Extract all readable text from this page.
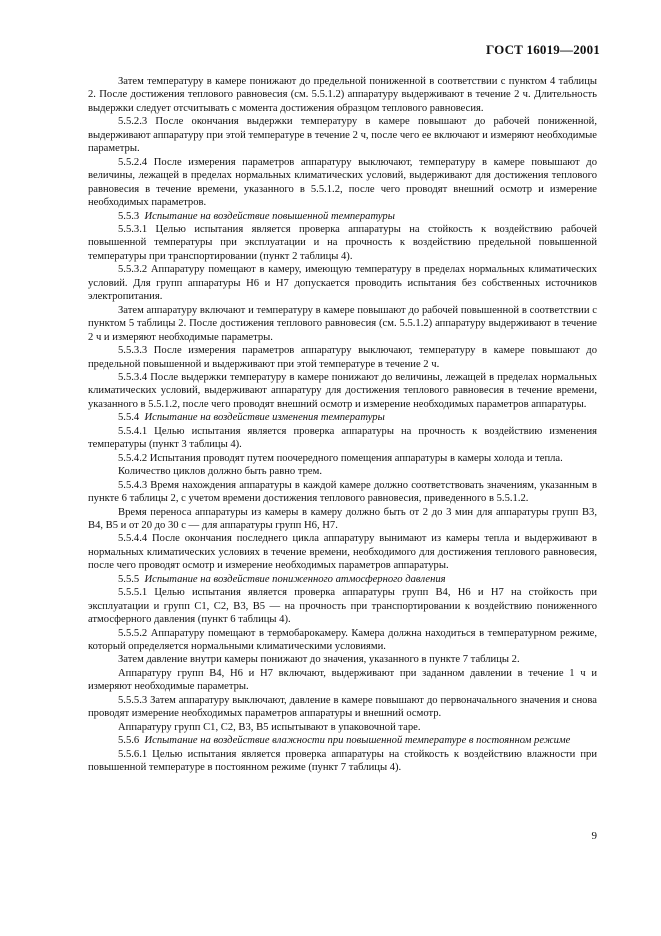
ГОСТ 16019—2001

Затем температуру в камере понижают до предельной пониженной в соответствии с пунктом 4 таблицы 2. После достижения теплового равновесия (см. 5.5.1.2) аппаратуру выдерживают в течение 2 ч. Длительность выдержки следует отсчитывать с момента достижения образцом теплового равновесия.

5.5.2.3 После окончания выдержки температуру в камере повышают до рабочей пониженной, выдерживают аппаратуру при этой температуре в течение 2 ч, после чего ее включают и измеряют необходимые параметры.

5.5.2.4 После измерения параметров аппаратуру выключают, температуру в камере повышают до величины, лежащей в пределах нормальных климатических условий, выдерживают для достижения теплового равновесия в течение времени, указанного в 5.5.1.2, после чего проводят внешний осмотр и измерение необходимых параметров.

5.5.3  Испытание на воздействие повышенной температуры

5.5.3.1 Целью испытания является проверка аппаратуры на стойкость к воздействию рабочей повышенной температуры при эксплуатации и на прочность к воздействию предельной повышенной температуры при транспортировании (пункт 2 таблицы 4).

5.5.3.2 Аппаратуру помещают в камеру, имеющую температуру в пределах нормальных климатических условий. Для групп аппаратуры Н6 и Н7 допускается проводить испытания без собственных источников электропитания.

Затем аппаратуру включают и температуру в камере повышают до рабочей повышенной в соответствии с пунктом 5 таблицы 2. После достижения теплового равновесия (см. 5.5.1.2) аппаратуру выдерживают в течение 2 ч и измеряют необходимые параметры.

5.5.3.3 После измерения параметров аппаратуру выключают, температуру в камере повышают до предельной повышенной и выдерживают при этой температуре в течение 2 ч.

5.5.3.4 После выдержки температуру в камере понижают до величины, лежащей в пределах нормальных климатических условий, выдерживают аппаратуру для достижения теплового равновесия в течение времени, указанного в 5.5.1.2, после чего проводят внешний осмотр и измерение необходимых параметров аппаратуры.

5.5.4  Испытание на воздействие изменения температуры

5.5.4.1 Целью испытания является проверка аппаратуры на прочность к воздействию изменения температуры (пункт 3 таблицы 4).

5.5.4.2 Испытания проводят путем поочередного помещения аппаратуры в камеры холода и тепла.

Количество циклов должно быть равно трем.

5.5.4.3 Время нахождения аппаратуры в каждой камере должно соответствовать значениям, указанным в пункте 6 таблицы 2, с учетом времени достижения теплового равновесия, приведенного в 5.5.1.2.

Время переноса аппаратуры из камеры в камеру должно быть от 2 до 3 мин для аппаратуры групп В3, В4, В5 и от 20 до 30 с — для аппаратуры групп Н6, Н7.

5.5.4.4 После окончания последнего цикла аппаратуру вынимают из камеры тепла и выдерживают в нормальных климатических условиях в течение времени, необходимого для достижения теплового равновесия, после чего проводят осмотр и измерение необходимых параметров аппаратуры.

5.5.5  Испытание на воздействие пониженного атмосферного давления

5.5.5.1 Целью испытания является проверка аппаратуры групп В4, Н6 и Н7 на стойкость при эксплуатации и групп С1, С2, В3, В5 — на прочность при транспортировании к воздействию пониженного атмосферного давления (пункт 6 таблицы 4).

5.5.5.2 Аппаратуру помещают в термобарокамеру. Камера должна находиться в температурном режиме, который определяется нормальными климатическими условиями.

Затем давление внутри камеры понижают до значения, указанного в пункте 7 таблицы 2.

Аппаратуру групп В4, Н6 и Н7 включают, выдерживают при заданном давлении в течение 1 ч и измеряют необходимые параметры.

5.5.5.3 Затем аппаратуру выключают, давление в камере повышают до первоначального значения и снова проводят измерение необходимых параметров аппаратуры и внешний осмотр.

Аппаратуру групп С1, С2, В3, В5 испытывают в упаковочной таре.

5.5.6  Испытание на воздействие влажности при повышенной температуре в постоянном режиме

5.5.6.1 Целью испытания является проверка аппаратуры на стойкость к воздействию влажности при повышенной температуре в постоянном режиме (пункт 7 таблицы 4).

9
